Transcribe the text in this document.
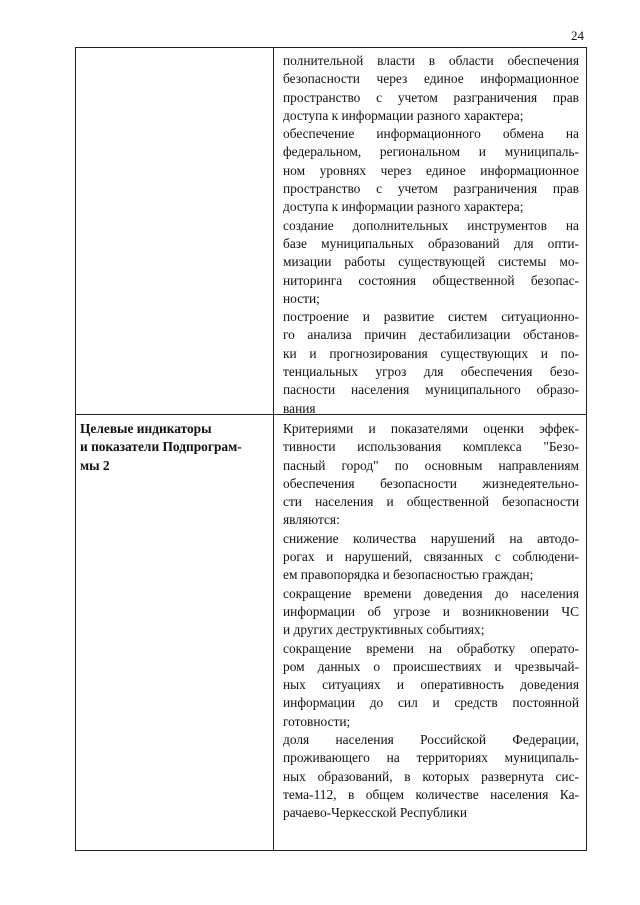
24
полнительной власти в области обеспечения
безопасности через единое информационное
пространство с учетом разграничения прав
доступа к информации разного характера;
обеспечение информационного обмена на
федеральном, региональном и муниципаль-
ном уровнях через единое информационное
пространство с учетом разграничения прав
доступа к информации разного характера;
создание дополнительных инструментов на
базе муниципальных образований для опти-
мизации работы существующей системы мо-
ниторинга состояния общественной безопас-
ности;
построение и развитие систем ситуационно-
го анализа причин дестабилизации обстанов-
ки и прогнозирования существующих и по-
тенциальных угроз для обеспечения безо-
пасности населения муниципального образо-
вания
Целевые индикаторы
и показатели Подпрограм-
мы 2
Критериями и показателями оценки эффек-
тивности использования комплекса "Безо-
пасный город" по основным направлениям
обеспечения безопасности жизнедеятельно-
сти населения и общественной безопасности
являются:
снижение количества нарушений на автодо-
рогах и нарушений, связанных с соблюдени-
ем правопорядка и безопасностью граждан;
сокращение времени доведения до населения
информации об угрозе и возникновении ЧС
и других деструктивных событиях;
сокращение времени на обработку операто-
ром данных о происшествиях и чрезвычай-
ных ситуациях и оперативность доведения
информации до сил и средств постоянной
готовности;
доля населения Российской Федерации,
проживающего на территориях муниципаль-
ных образований, в которых развернута сис-
тема-112, в общем количестве населения Ка-
рачаево-Черкесской Республики
